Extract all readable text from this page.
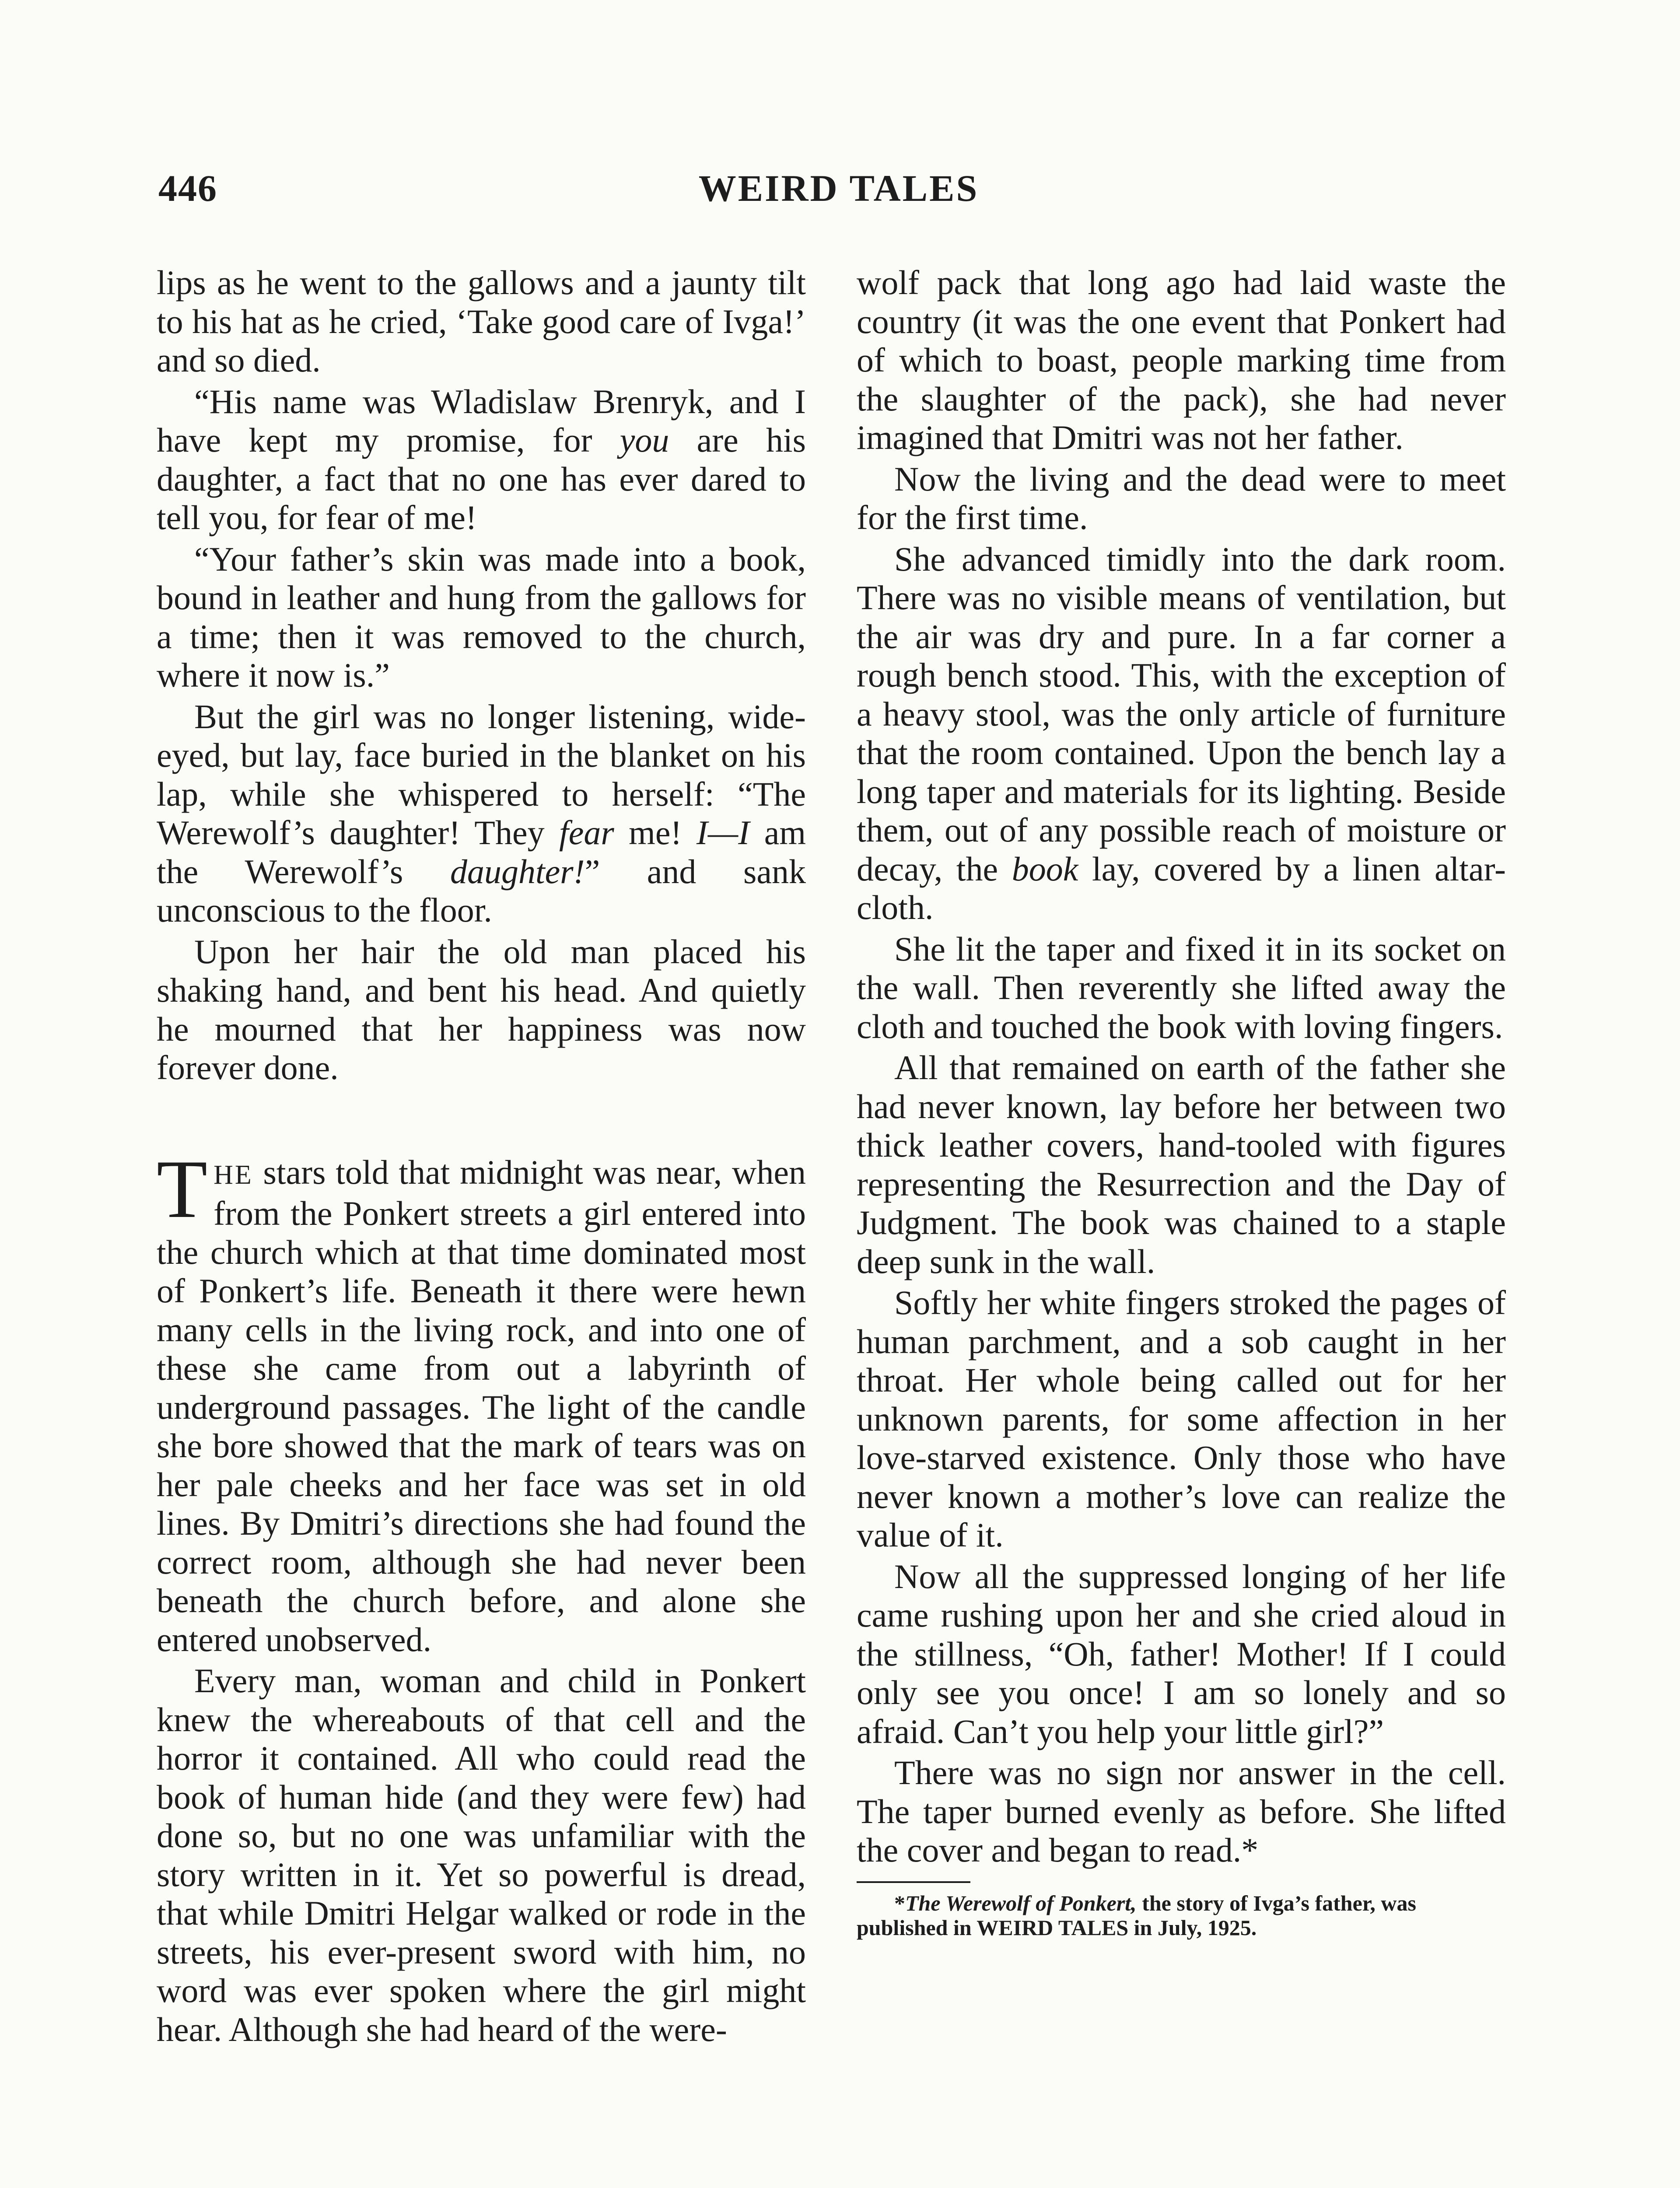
446	WEIRD TALES

lips as he went to the gallows and a jaunty tilt to his hat as he cried, ‘Take good care of Ivga!’ and so died.

“His name was Wladislaw Brenryk, and I have kept my promise, for you are his daughter, a fact that no one has ever dared to tell you, for fear of me!

“Your father’s skin was made into a book, bound in leather and hung from the gallows for a time; then it was removed to the church, where it now is.”

But the girl was no longer listening, wide-eyed, but lay, face buried in the blanket on his lap, while she whispered to herself: “The Werewolf’s daughter! They fear me! I—I am the Werewolf’s daughter!” and sank unconscious to the floor.

Upon her hair the old man placed his shaking hand, and bent his head. And quietly he mourned that her happiness was now forever done.

THE stars told that midnight was near, when from the Ponkert streets a girl entered into the church which at that time dominated most of Ponkert’s life. Beneath it there were hewn many cells in the living rock, and into one of these she came from out a labyrinth of underground passages. The light of the candle she bore showed that the mark of tears was on her pale cheeks and her face was set in old lines. By Dmitri’s directions she had found the correct room, although she had never been beneath the church before, and alone she entered unobserved.

Every man, woman and child in Ponkert knew the whereabouts of that cell and the horror it contained. All who could read the book of human hide (and they were few) had done so, but no one was unfamiliar with the story written in it. Yet so powerful is dread, that while Dmitri Helgar walked or rode in the streets, his ever-present sword with him, no word was ever spoken where the girl might hear. Although she had heard of the were-

wolf pack that long ago had laid waste the country (it was the one event that Ponkert had of which to boast, people marking time from the slaughter of the pack), she had never imagined that Dmitri was not her father.

Now the living and the dead were to meet for the first time.

She advanced timidly into the dark room. There was no visible means of ventilation, but the air was dry and pure. In a far corner a rough bench stood. This, with the exception of a heavy stool, was the only article of furniture that the room contained. Upon the bench lay a long taper and materials for its lighting. Beside them, out of any possible reach of moisture or decay, the book lay, covered by a linen altar-cloth.

She lit the taper and fixed it in its socket on the wall. Then reverently she lifted away the cloth and touched the book with loving fingers.

All that remained on earth of the father she had never known, lay before her between two thick leather covers, hand-tooled with figures representing the Resurrection and the Day of Judgment. The book was chained to a staple deep sunk in the wall.

Softly her white fingers stroked the pages of human parchment, and a sob caught in her throat. Her whole being called out for her unknown parents, for some affection in her love-starved existence. Only those who have never known a mother’s love can realize the value of it.

Now all the suppressed longing of her life came rushing upon her and she cried aloud in the stillness, “Oh, father! Mother! If I could only see you once! I am so lonely and so afraid. Can’t you help your little girl?”

There was no sign nor answer in the cell. The taper burned evenly as before. She lifted the cover and began to read.*

*The Werewolf of Ponkert, the story of Ivga’s father, was published in WEIRD TALES in July, 1925.
